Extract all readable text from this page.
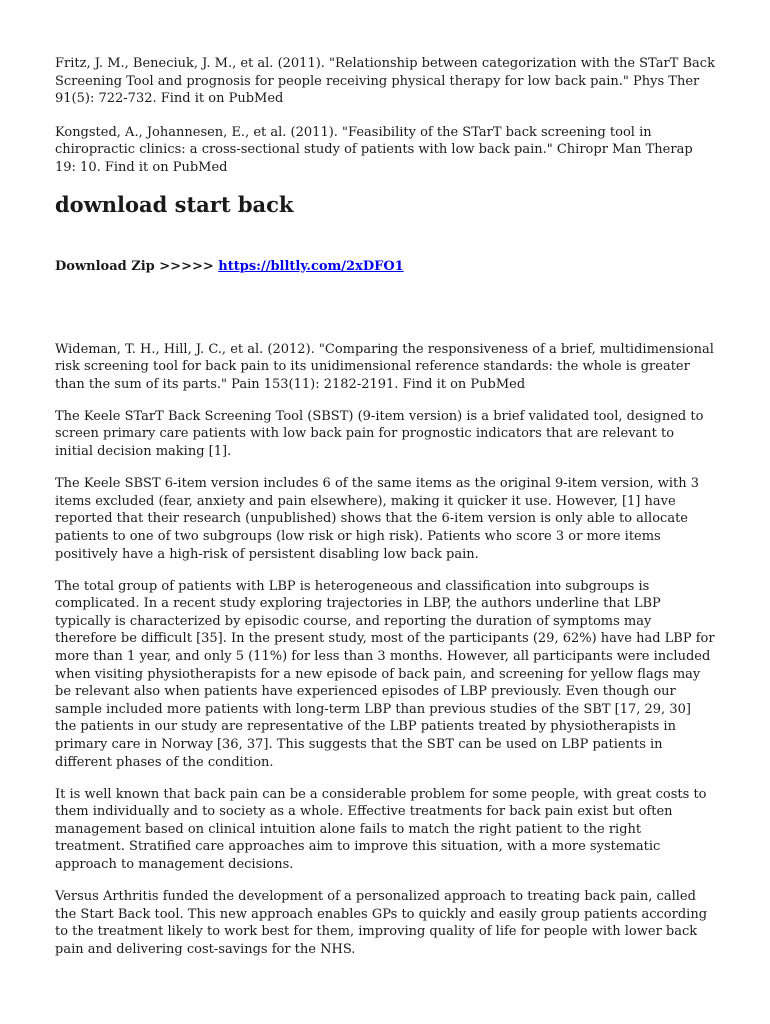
Fritz, J. M., Beneciuk, J. M., et al. (2011). "Relationship between categorization with the STarT Back Screening Tool and prognosis for people receiving physical therapy for low back pain." Phys Ther 91(5): 722-732. Find it on PubMed

Kongsted, A., Johannesen, E., et al. (2011). "Feasibility of the STarT back screening tool in chiropractic clinics: a cross-sectional study of patients with low back pain." Chiropr Man Therap 19: 10. Find it on PubMed

download start back
Download Zip >>>>> https://blltly.com/2xDFO1

Wideman, T. H., Hill, J. C., et al. (2012). "Comparing the responsiveness of a brief, multidimensional risk screening tool for back pain to its unidimensional reference standards: the whole is greater than the sum of its parts." Pain 153(11): 2182-2191. Find it on PubMed

The Keele STarT Back Screening Tool (SBST) (9-item version) is a brief validated tool, designed to screen primary care patients with low back pain for prognostic indicators that are relevant to initial decision making [1].

The Keele SBST 6-item version includes 6 of the same items as the original 9-item version, with 3 items excluded (fear, anxiety and pain elsewhere), making it quicker it use. However, [1] have reported that their research (unpublished) shows that the 6-item version is only able to allocate patients to one of two subgroups (low risk or high risk). Patients who score 3 or more items positively have a high-risk of persistent disabling low back pain.

The total group of patients with LBP is heterogeneous and classification into subgroups is complicated. In a recent study exploring trajectories in LBP, the authors underline that LBP typically is characterized by episodic course, and reporting the duration of symptoms may therefore be difficult [35]. In the present study, most of the participants (29, 62%) have had LBP for more than 1 year, and only 5 (11%) for less than 3 months. However, all participants were included when visiting physiotherapists for a new episode of back pain, and screening for yellow flags may be relevant also when patients have experienced episodes of LBP previously. Even though our sample included more patients with long-term LBP than previous studies of the SBT [17, 29, 30] the patients in our study are representative of the LBP patients treated by physiotherapists in primary care in Norway [36, 37]. This suggests that the SBT can be used on LBP patients in different phases of the condition.

It is well known that back pain can be a considerable problem for some people, with great costs to them individually and to society as a whole. Effective treatments for back pain exist but often management based on clinical intuition alone fails to match the right patient to the right treatment. Stratified care approaches aim to improve this situation, with a more systematic approach to management decisions.

Versus Arthritis funded the development of a personalized approach to treating back pain, called the Start Back tool. This new approach enables GPs to quickly and easily group patients according to the treatment likely to work best for them, improving quality of life for people with lower back pain and delivering cost-savings for the NHS.
